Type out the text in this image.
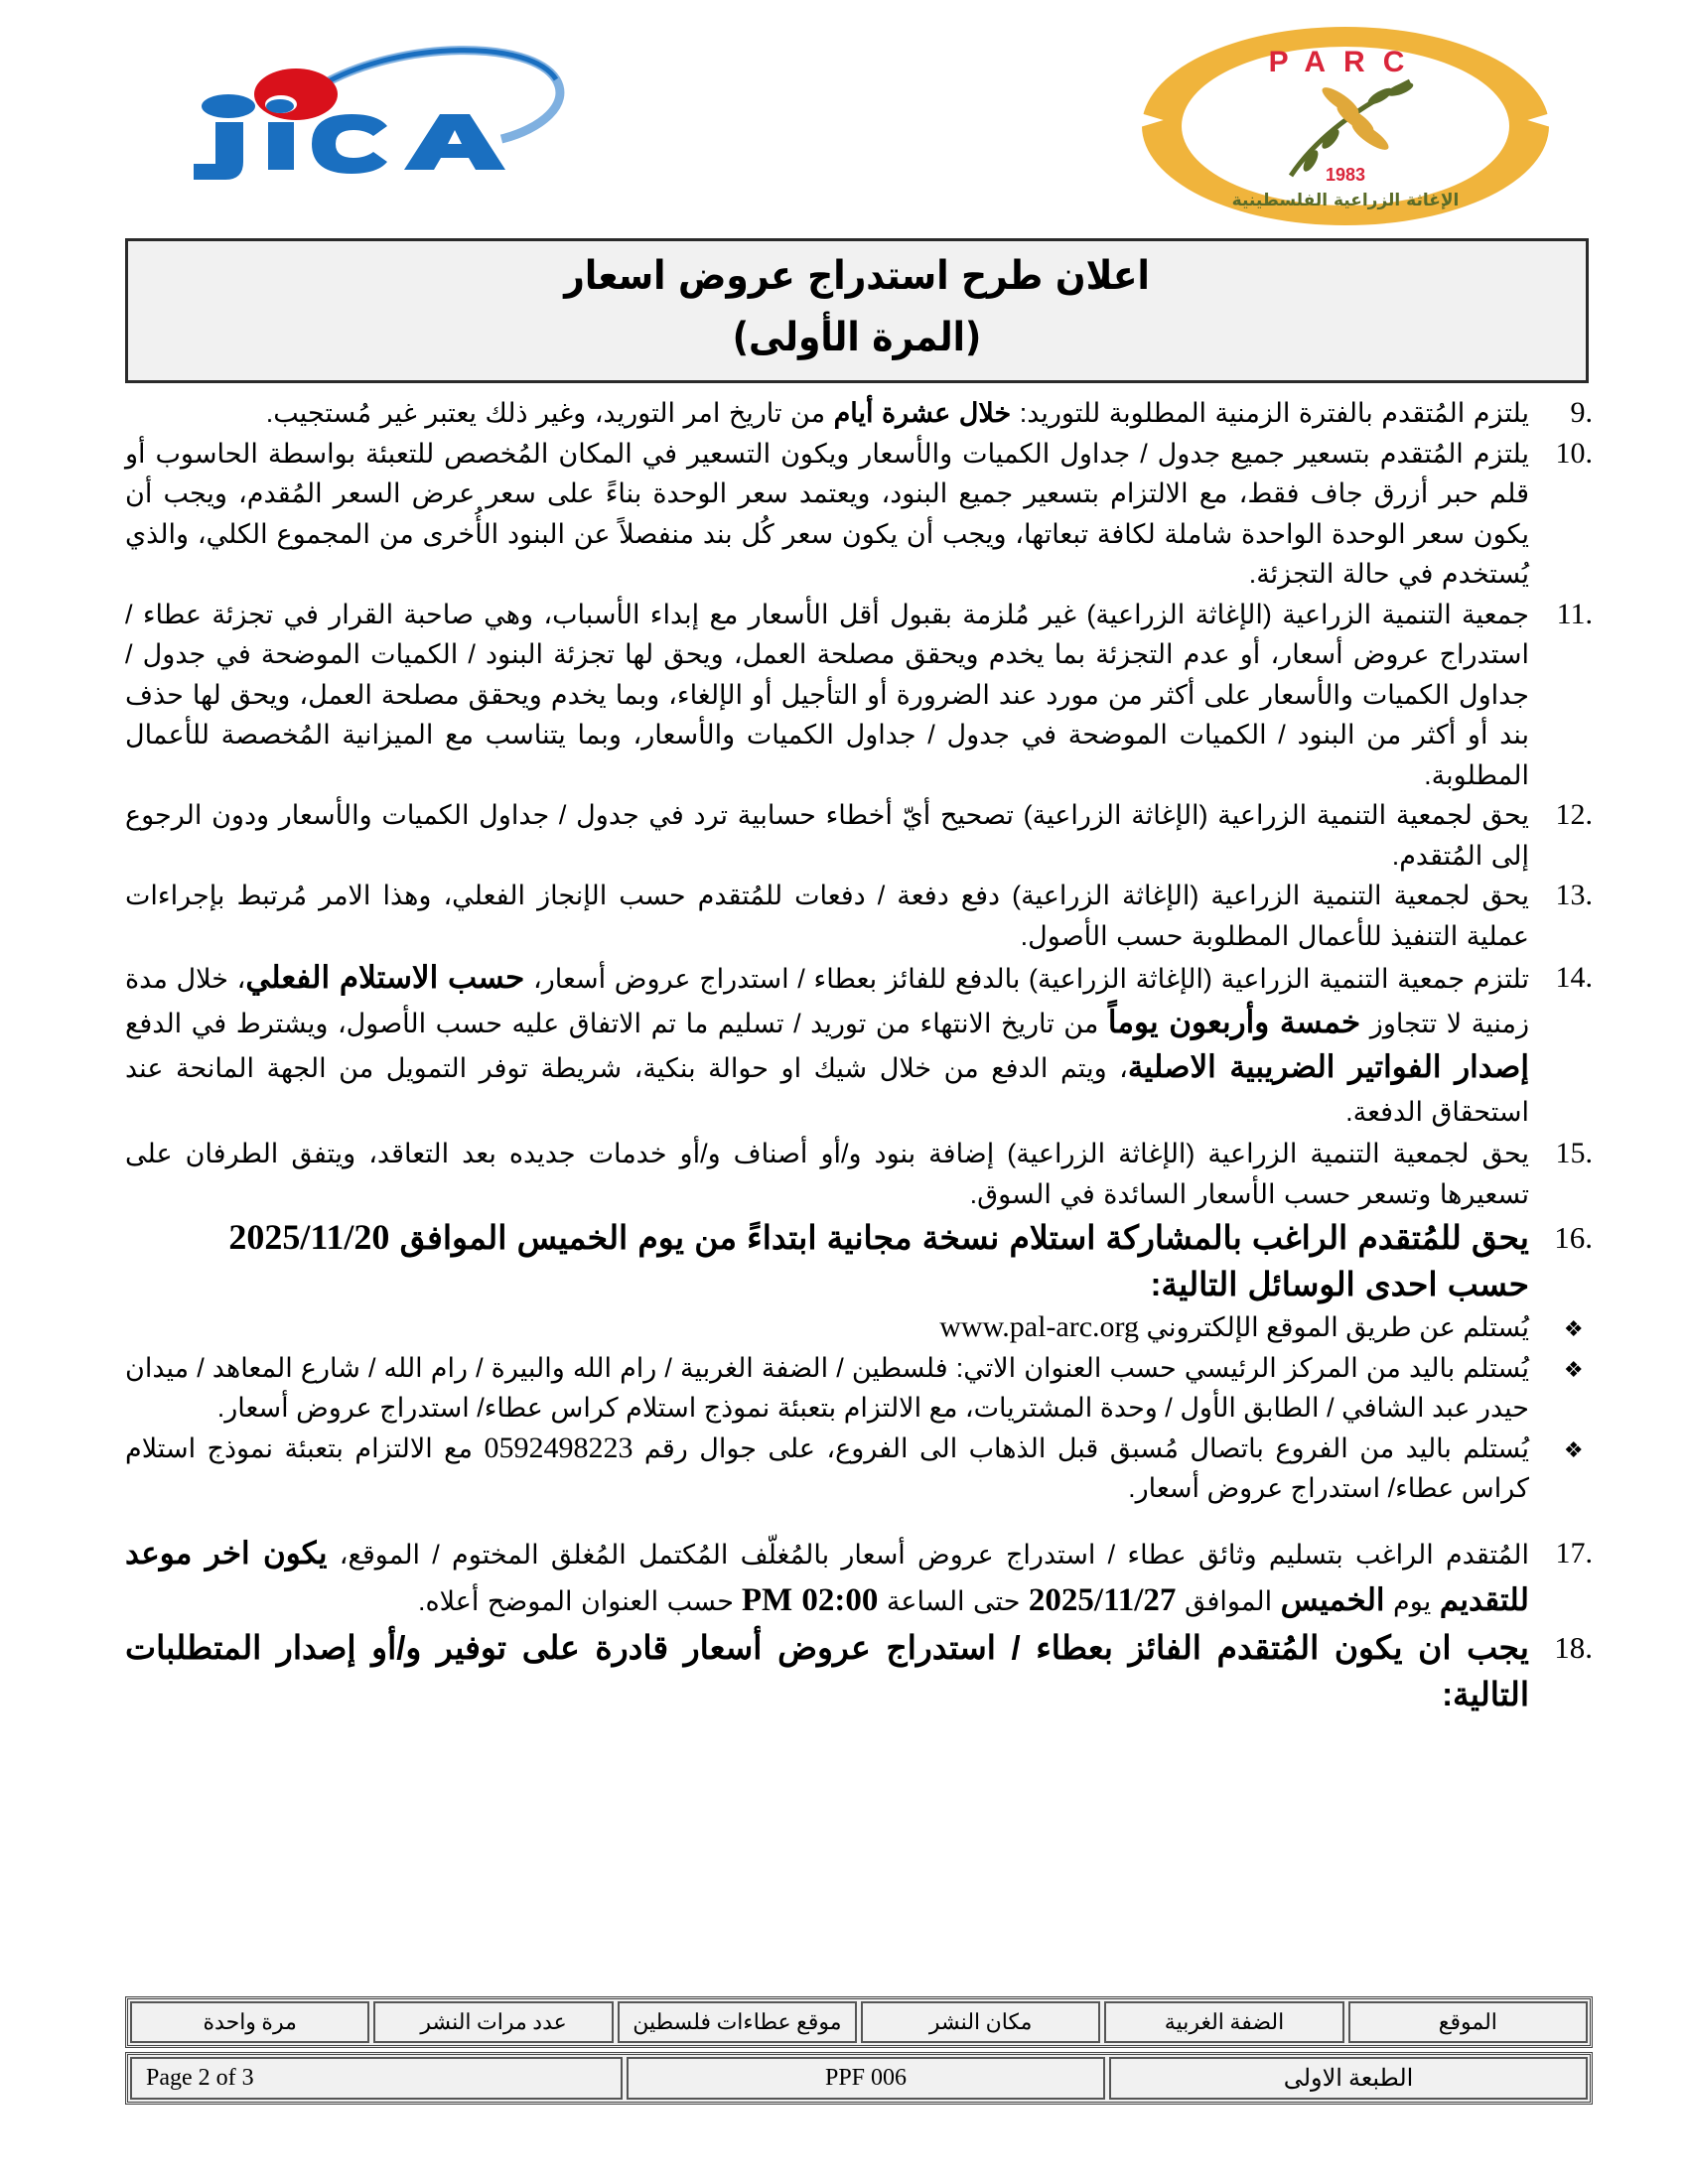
PARC
1983
الإغاثة الزراعية الفلسطينية
اعلان طرح استدراج عروض اسعار
(المرة الأولى)
9.
يلتزم المُتقدم بالفترة الزمنية المطلوبة للتوريد: خلال عشرة أيام من تاريخ امر التوريد، وغير ذلك يعتبر غير مُستجيب.
10.
يلتزم المُتقدم بتسعير جميع جدول / جداول الكميات والأسعار ويكون التسعير في المكان المُخصص للتعبئة بواسطة الحاسوب أو قلم حبر أزرق جاف فقط، مع الالتزام بتسعير جميع البنود، ويعتمد سعر الوحدة بناءً على سعر عرض السعر المُقدم، ويجب أن يكون سعر الوحدة الواحدة شاملة لكافة تبعاتها، ويجب أن يكون سعر كُل بند منفصلاً عن البنود الأُخرى من المجموع الكلي، والذي يُستخدم في حالة التجزئة.
11.
جمعية التنمية الزراعية (الإغاثة الزراعية) غير مُلزمة بقبول أقل الأسعار مع إبداء الأسباب، وهي صاحبة القرار في تجزئة عطاء / استدراج عروض أسعار، أو عدم التجزئة بما يخدم ويحقق مصلحة العمل، ويحق لها تجزئة البنود / الكميات الموضحة في جدول / جداول الكميات والأسعار على أكثر من مورد عند الضرورة أو التأجيل أو الإلغاء، وبما يخدم ويحقق مصلحة العمل، ويحق لها حذف بند أو أكثر من البنود / الكميات الموضحة في جدول / جداول الكميات والأسعار، وبما يتناسب مع الميزانية المُخصصة للأعمال المطلوبة.
12.
يحق لجمعية التنمية الزراعية (الإغاثة الزراعية) تصحيح أيّ أخطاء حسابية ترد في جدول / جداول الكميات والأسعار ودون الرجوع إلى المُتقدم.
13.
يحق لجمعية التنمية الزراعية (الإغاثة الزراعية) دفع دفعة / دفعات للمُتقدم حسب الإنجاز الفعلي، وهذا الامر مُرتبط بإجراءات عملية التنفيذ للأعمال المطلوبة حسب الأصول.
14.
تلتزم جمعية التنمية الزراعية (الإغاثة الزراعية) بالدفع للفائز بعطاء / استدراج عروض أسعار، حسب الاستلام الفعلي، خلال مدة زمنية لا تتجاوز خمسة وأربعون يوماً من تاريخ الانتهاء من توريد / تسليم ما تم الاتفاق عليه حسب الأصول، ويشترط في الدفع إصدار الفواتير الضريبية الاصلية، ويتم الدفع من خلال شيك او حوالة بنكية، شريطة توفر التمويل من الجهة المانحة عند استحقاق الدفعة.
15.
يحق لجمعية التنمية الزراعية (الإغاثة الزراعية) إضافة بنود و/أو أصناف و/أو خدمات جديده بعد التعاقد، ويتفق الطرفان على تسعيرها وتسعر حسب الأسعار السائدة في السوق.
16.
يحق للمُتقدم الراغب بالمشاركة استلام نسخة مجانية ابتداءً من يوم الخميس الموافق 2025/11/20
حسب احدى الوسائل التالية:
❖
يُستلم عن طريق الموقع الإلكتروني www.pal-arc.org
❖
يُستلم باليد من المركز الرئيسي حسب العنوان الاتي: فلسطين / الضفة الغربية / رام الله والبيرة / رام الله / شارع المعاهد / ميدان حيدر عبد الشافي / الطابق الأول / وحدة المشتريات، مع الالتزام بتعبئة نموذج استلام كراس عطاء/ استدراج عروض أسعار.
❖
يُستلم باليد من الفروع باتصال مُسبق قبل الذهاب الى الفروع، على جوال رقم 0592498223 مع الالتزام بتعبئة نموذج استلام كراس عطاء/ استدراج عروض أسعار.
17.
المُتقدم الراغب بتسليم وثائق عطاء / استدراج عروض أسعار بالمُغلّف المُكتمل المُغلق المختوم / الموقع، يكون اخر موعد للتقديم يوم الخميس الموافق 2025/11/27 حتى الساعة 02:00 PM حسب العنوان الموضح أعلاه.
18.
يجب ان يكون المُتقدم الفائز بعطاء / استدراج عروض أسعار قادرة على توفير و/أو إصدار المتطلبات التالية:
الموقع
الضفة الغربية
مكان النشر
موقع عطاءات فلسطين
عدد مرات النشر
مرة واحدة
الطبعة الاولى
PPF 006
Page 2 of 3
